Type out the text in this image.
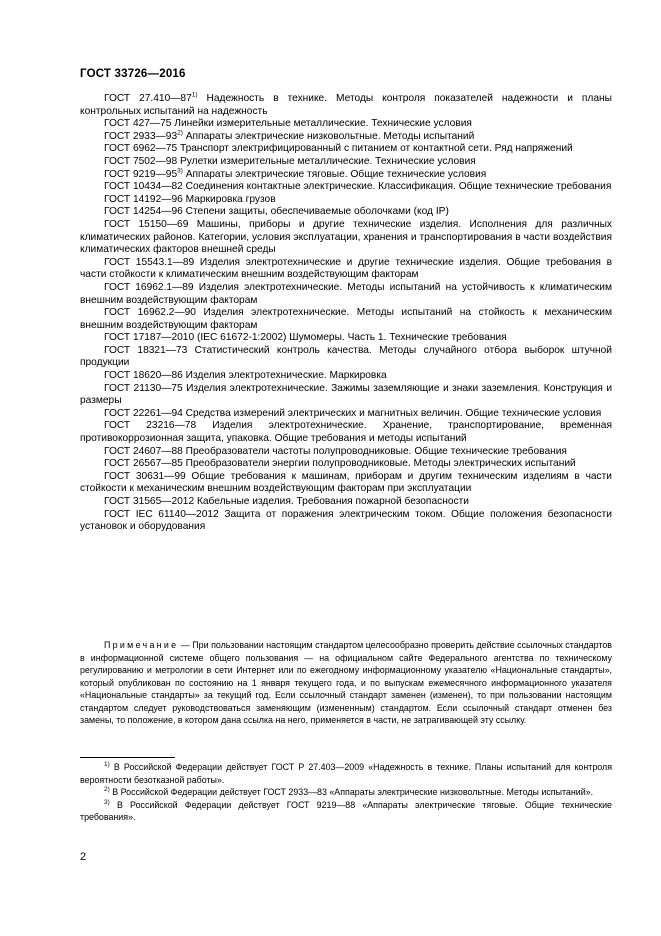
ГОСТ 33726—2016
ГОСТ 27.410—87$^{1)}$ Надежность в технике. Методы контроля показателей надежности и планы контрольных испытаний на надежность
ГОСТ 427—75 Линейки измерительные металлические. Технические условия
ГОСТ 2933—93$^{2)}$ Аппараты электрические низковольтные. Методы испытаний
ГОСТ 6962—75 Транспорт электрифицированный с питанием от контактной сети. Ряд напряжений
ГОСТ 7502—98 Рулетки измерительные металлические. Технические условия
ГОСТ 9219—95$^{3)}$ Аппараты электрические тяговые. Общие технические условия
ГОСТ 10434—82 Соединения контактные электрические. Классификация. Общие технические требования
ГОСТ 14192—96 Маркировка грузов
ГОСТ 14254—96 Степени защиты, обеспечиваемые оболочками (код IP)
ГОСТ 15150—69 Машины, приборы и другие технические изделия. Исполнения для различных климатических районов. Категории, условия эксплуатации, хранения и транспортирования в части воздействия климатических факторов внешней среды
ГОСТ 15543.1—89 Изделия электротехнические и другие технические изделия. Общие требования в части стойкости к климатическим внешним воздействующим факторам
ГОСТ 16962.1—89 Изделия электротехнические. Методы испытаний на устойчивость к климатическим внешним воздействующим факторам
ГОСТ 16962.2—90 Изделия электротехнические. Методы испытаний на стойкость к механическим внешним воздействующим факторам
ГОСТ 17187—2010 (IEC 61672-1:2002) Шумомеры. Часть 1. Технические требования
ГОСТ 18321—73 Статистический контроль качества. Методы случайного отбора выборок штучной продукции
ГОСТ 18620—86 Изделия электротехнические. Маркировка
ГОСТ 21130—75 Изделия электротехнические. Зажимы заземляющие и знаки заземления. Конструкция и размеры
ГОСТ 22261—94 Средства измерений электрических и магнитных величин. Общие технические условия
ГОСТ 23216—78 Изделия электротехнические. Хранение, транспортирование, временная противокоррозионная защита, упаковка. Общие требования и методы испытаний
ГОСТ 24607—88 Преобразователи частоты полупроводниковые. Общие технические требования
ГОСТ 26567—85 Преобразователи энергии полупроводниковые. Методы электрических испытаний
ГОСТ 30631—99 Общие требования к машинам, приборам и другим техническим изделиям в части стойкости к механическим внешним воздействующим факторам при эксплуатации
ГОСТ 31565—2012 Кабельные изделия. Требования пожарной безопасности
ГОСТ IEC 61140—2012 Защита от поражения электрическим током. Общие положения безопасности установок и оборудования
Примечание — При пользовании настоящим стандартом целесообразно проверить действие ссылочных стандартов в информационной системе общего пользования — на официальном сайте Федерального агентства по техническому регулированию и метрологии в сети Интернет или по ежегодному информационному указателю «Национальные стандарты», который опубликован по состоянию на 1 января текущего года, и по выпускам ежемесячного информационного указателя «Национальные стандарты» за текущий год. Если ссылочный стандарт заменен (изменен), то при пользовании настоящим стандартом следует руководствоваться заменяющим (измененным) стандартом. Если ссылочный стандарт отменен без замены, то положение, в котором дана ссылка на него, применяется в части, не затрагивающей эту ссылку.
$^{1)}$ В Российской Федерации действует ГОСТ Р 27.403—2009 «Надежность в технике. Планы испытаний для контроля вероятности безотказной работы».
$^{2)}$ В Российской Федерации действует ГОСТ 2933—83 «Аппараты электрические низковольтные. Методы испытаний».
$^{3)}$ В Российской Федерации действует ГОСТ 9219—88 «Аппараты электрические тяговые. Общие технические требования».
2
